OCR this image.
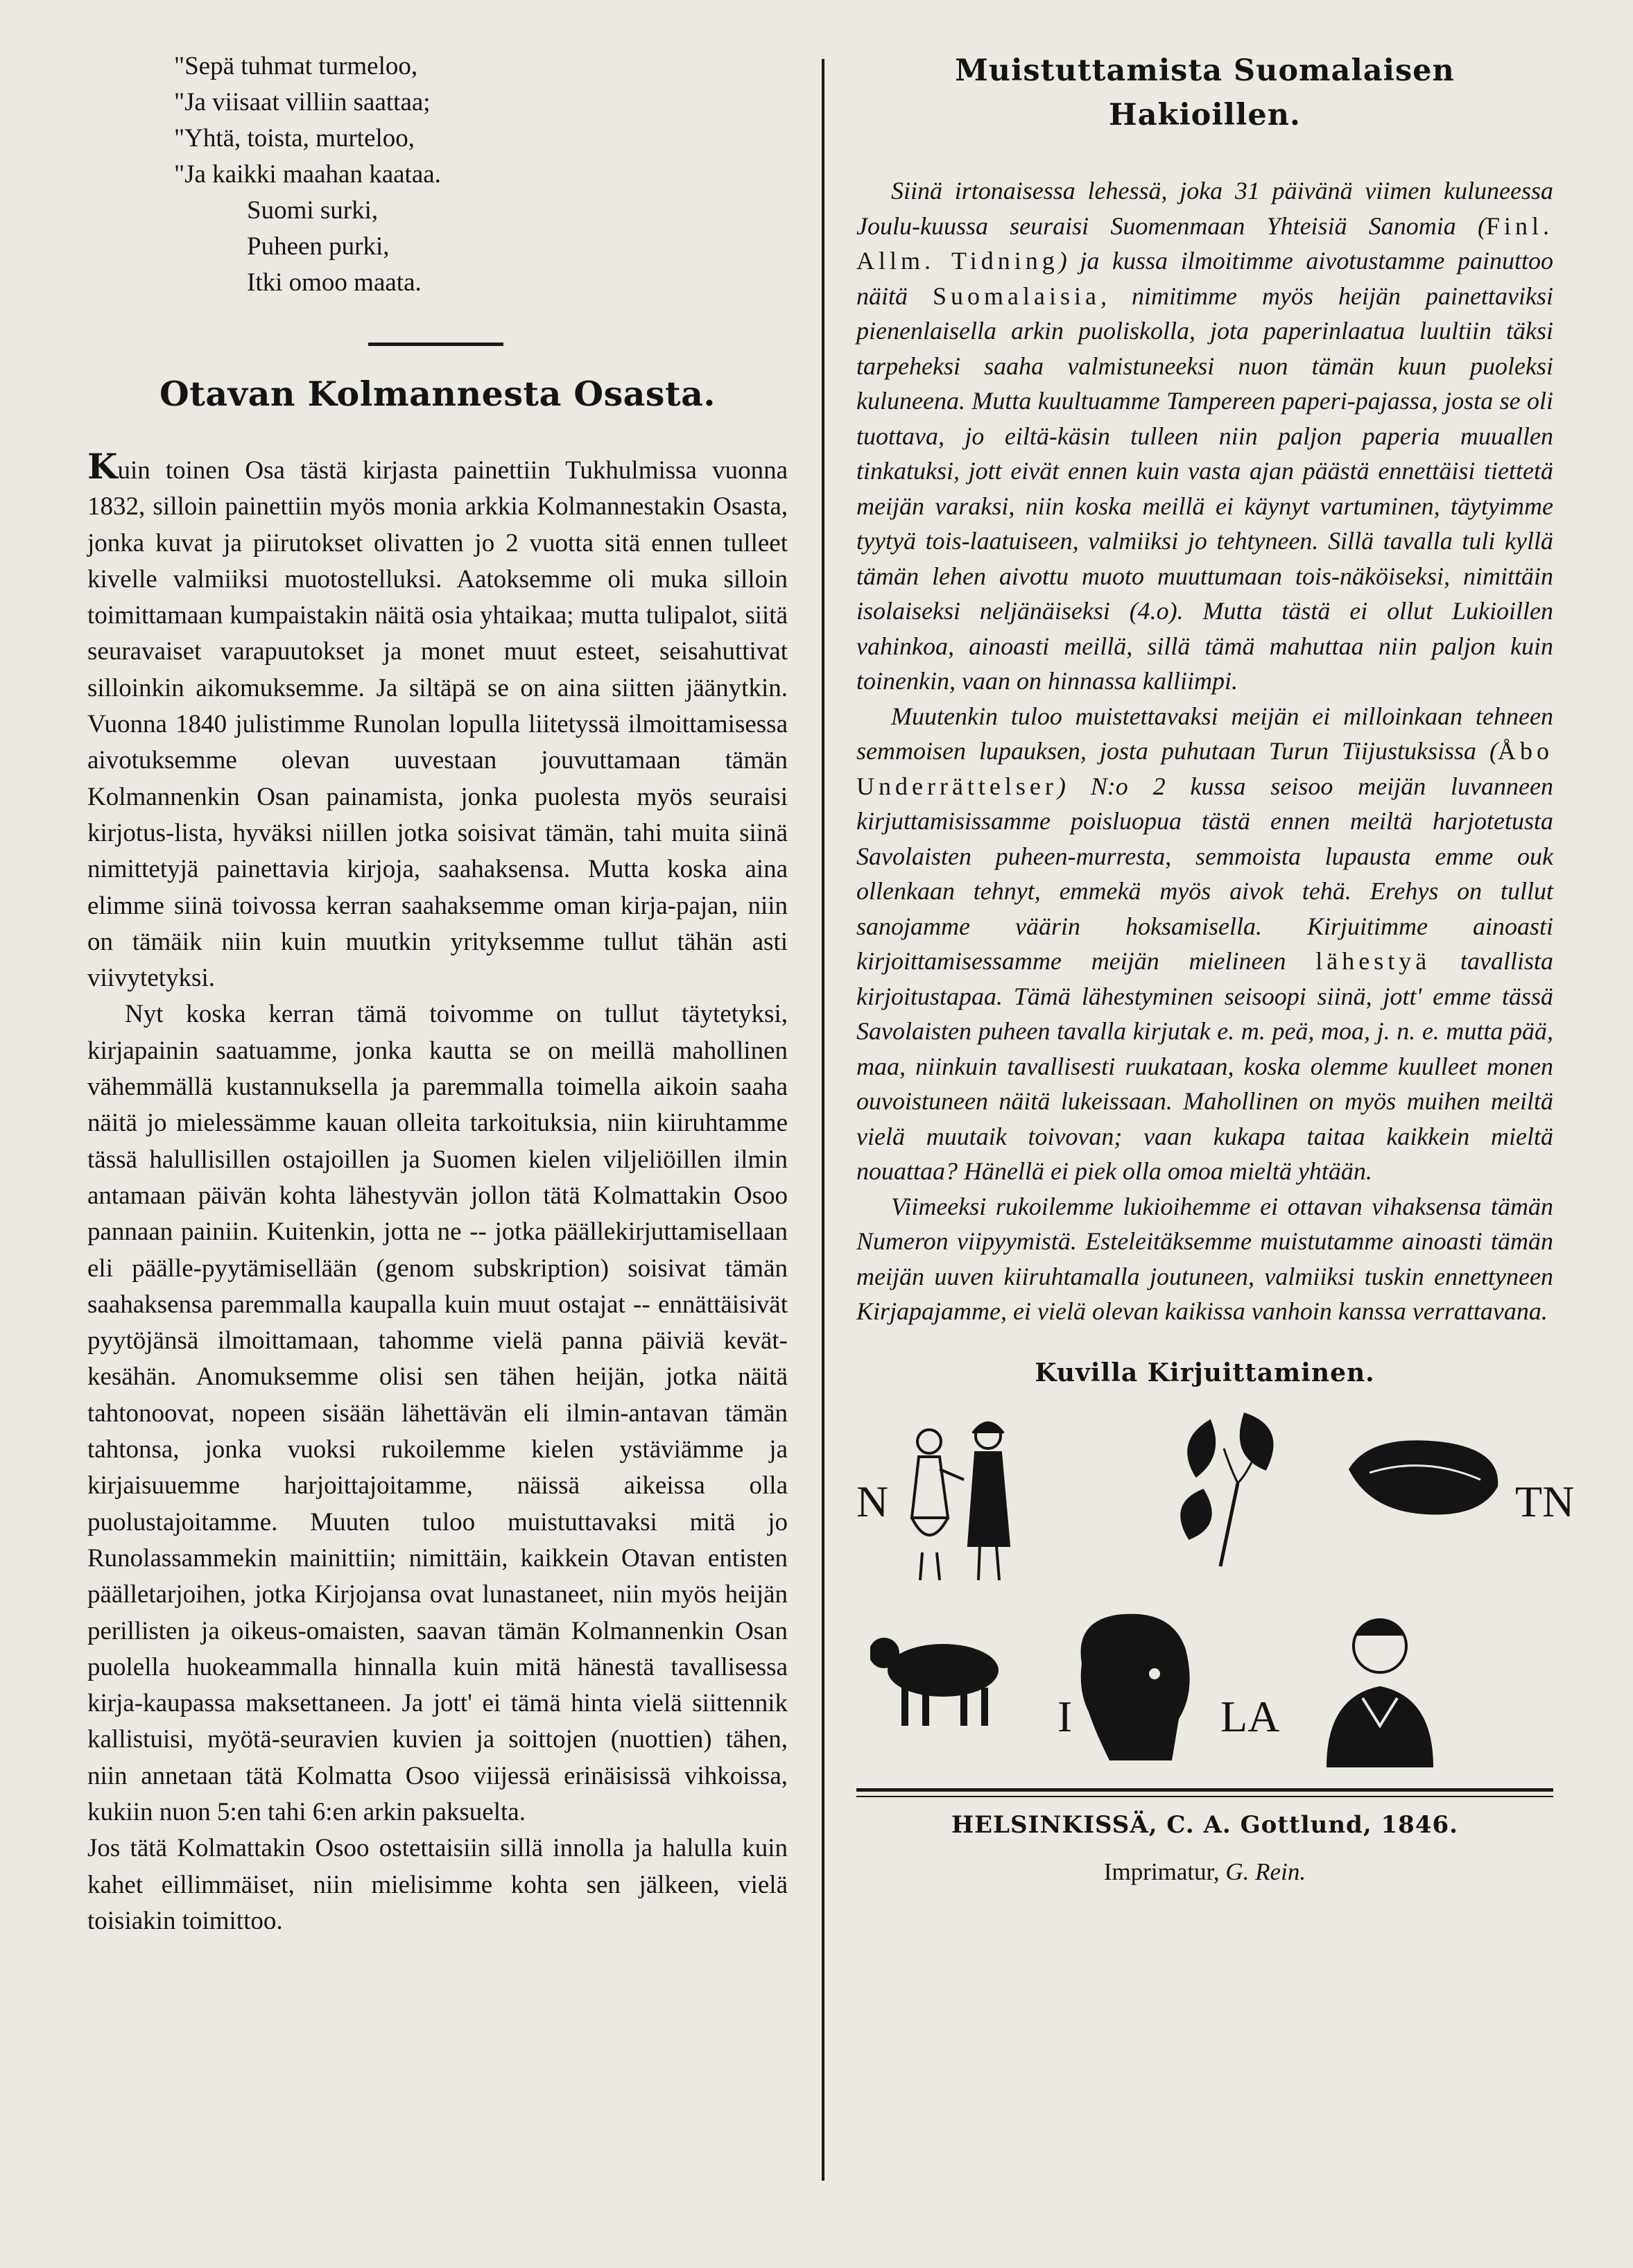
"Sepä tuhmat turmeloo,
"Ja viisaat villiin saattaa;
"Yhtä, toista, murteloo,
"Ja kaikki maahan kaataa.
Suomi surki,
Puheen purki,
Itki omoo maata.
Otavan Kolmannesta Osasta.

Kuin toinen Osa tästä kirjasta painettiin Tukhulmissa vuonna 1832, silloin painettiin myös monia arkkia Kolmannestakin Osasta, jonka kuvat ja piirutokset olivatten jo 2 vuotta sitä ennen tulleet kivelle valmiiksi muotostelluksi. Aatoksemme oli muka silloin toimittamaan kumpaistakin näitä osia yhtaikaa; mutta tulipalot, siitä seuravaiset varapuutokset ja monet muut esteet, seisahuttivat silloinkin aikomuksemme. Ja siltäpä se on aina siitten jäänytkin. Vuonna 1840 julistimme Runolan lopulla liitetyssä ilmoittamisessa aivotuksemme olevan uuvestaan jouvuttamaan tämän Kolmannenkin Osan painamista, jonka puolesta myös seuraisi kirjotus-lista, hyväksi niillen jotka soisivat tämän, tahi muita siinä nimittetyjä painettavia kirjoja, saahaksensa. Mutta koska aina elimme siinä toivossa kerran saahaksemme oman kirja-pajan, niin on tämäik niin kuin muutkin yrityksemme tullut tähän asti viivytetyksi.

Nyt koska kerran tämä toivomme on tullut täytetyksi, kirjapainin saatuamme, jonka kautta se on meillä mahollinen vähemmällä kustannuksella ja paremmalla toimella aikoin saaha näitä jo mielessämme kauan olleita tarkoituksia, niin kiiruhtamme tässä halullisillen ostajoillen ja Suomen kielen viljeliöillen ilmin antamaan päivän kohta lähestyvän jollon tätä Kolmattakin Osoo pannaan painiin. Kuitenkin, jotta ne -- jotka päällekirjuttamisellaan eli päälle-pyytämisellään (genom subskription) soisivat tämän saahaksensa paremmalla kaupalla kuin muut ostajat -- ennättäisivät pyytöjänsä ilmoittamaan, tahomme vielä panna päiviä kevät-kesähän. Anomuksemme olisi sen tähen heijän, jotka näitä tahtonoovat, nopeen sisään lähettävän eli ilmin-antavan tämän tahtonsa, jonka vuoksi rukoilemme kielen ystäviämme ja kirjaisuuemme harjoittajoitamme, näissä aikeissa olla puolustajoitamme. Muuten tuloo muistuttavaksi mitä jo Runolassammekin mainittiin; nimittäin, kaikkein Otavan entisten päälletarjoihen, jotka Kirjojansa ovat lunastaneet, niin myös heijän perillisten ja oikeus-omaisten, saavan tämän Kolmannenkin Osan puolella huokeammalla hinnalla kuin mitä hänestä tavallisessa kirja-kaupassa maksettaneen. Ja jott' ei tämä hinta vielä siittennik kallistuisi, myötä-seuravien kuvien ja soittojen (nuottien) tähen, niin annetaan tätä Kolmatta Osoo viijessä erinäisissä vihkoissa, kukiin nuon 5:en tahi 6:en arkin paksuelta.

Jos tätä Kolmattakin Osoo ostettaisiin sillä innolla ja halulla kuin kahet eillimmäiset, niin mielisimme kohta sen jälkeen, vielä toisiakin toimittoo.

Muistuttamista Suomalaisen
Hakioillen.

Siinä irtonaisessa lehessä, joka 31 päivänä viimen kuluneessa Joulu-kuussa seuraisi Suomenmaan Yhteisiä Sanomia (Finl. Allm. Tidning) ja kussa ilmoitimme aivotustamme painuttoo näitä Suomalaisia, nimitimme myös heijän painettaviksi pienenlaisella arkin puoliskolla, jota paperinlaatua luultiin täksi tarpeheksi saaha valmistuneeksi nuon tämän kuun puoleksi kuluneena. Mutta kuultuamme Tampereen paperi-pajassa, josta se oli tuottava, jo eiltä-käsin tulleen niin paljon paperia muuallen tinkatuksi, jott eivät ennen kuin vasta ajan päästä ennettäisi tiettetä meijän varaksi, niin koska meillä ei käynyt vartuminen, täytyimme tyytyä tois-laatuiseen, valmiiksi jo tehtyneen. Sillä tavalla tuli kyllä tämän lehen aivottu muoto muuttumaan tois-näköiseksi, nimittäin isolaiseksi neljänäiseksi (4.o). Mutta tästä ei ollut Lukioillen vahinkoa, ainoasti meillä, sillä tämä mahuttaa niin paljon kuin toinenkin, vaan on hinnassa kalliimpi.

Muutenkin tuloo muistettavaksi meijän ei milloinkaan tehneen semmoisen lupauksen, josta puhutaan Turun Tiijustuksissa (Åbo Underrättelser) N:o 2 kussa seisoo meijän luvanneen kirjuttamisissamme poisluopua tästä ennen meiltä harjotetusta Savolaisten puheen-murresta, semmoista lupausta emme ouk ollenkaan tehnyt, emmekä myös aivok tehä. Erehys on tullut sanojamme väärin hoksamisella. Kirjuitimme ainoasti kirjoittamisessamme meijän mielineen lähestyä tavallista kirjoitustapaa. Tämä lähestyminen seisoopi siinä, jott' emme tässä Savolaisten puheen tavalla kirjutak e. m. peä, moa, j. n. e. mutta pää, maa, niinkuin tavallisesti ruukataan, koska olemme kuulleet monen ouvoistuneen näitä lukeissaan. Mahollinen on myös muihen meiltä vielä muutaik toivovan; vaan kukapa taitaa kaikkein mieltä nouattaa? Hänellä ei piek olla omoa mieltä yhtään.

Viimeeksi rukoilemme lukioihemme ei ottavan vihaksensa tämän Numeron viipyymistä. Esteleitäksemme muistutamme ainoasti tämän meijän uuven kiiruhtamalla joutuneen, valmiiksi tuskin ennettyneen Kirjapajamme, ei vielä olevan kaikissa vanhoin kanssa verrattavana.

Kuvilla Kirjuittaminen.
N	TN
I	LA
HELSINKISSÄ, C. A. Gottlund, 1846.
Imprimatur, G. Rein.
